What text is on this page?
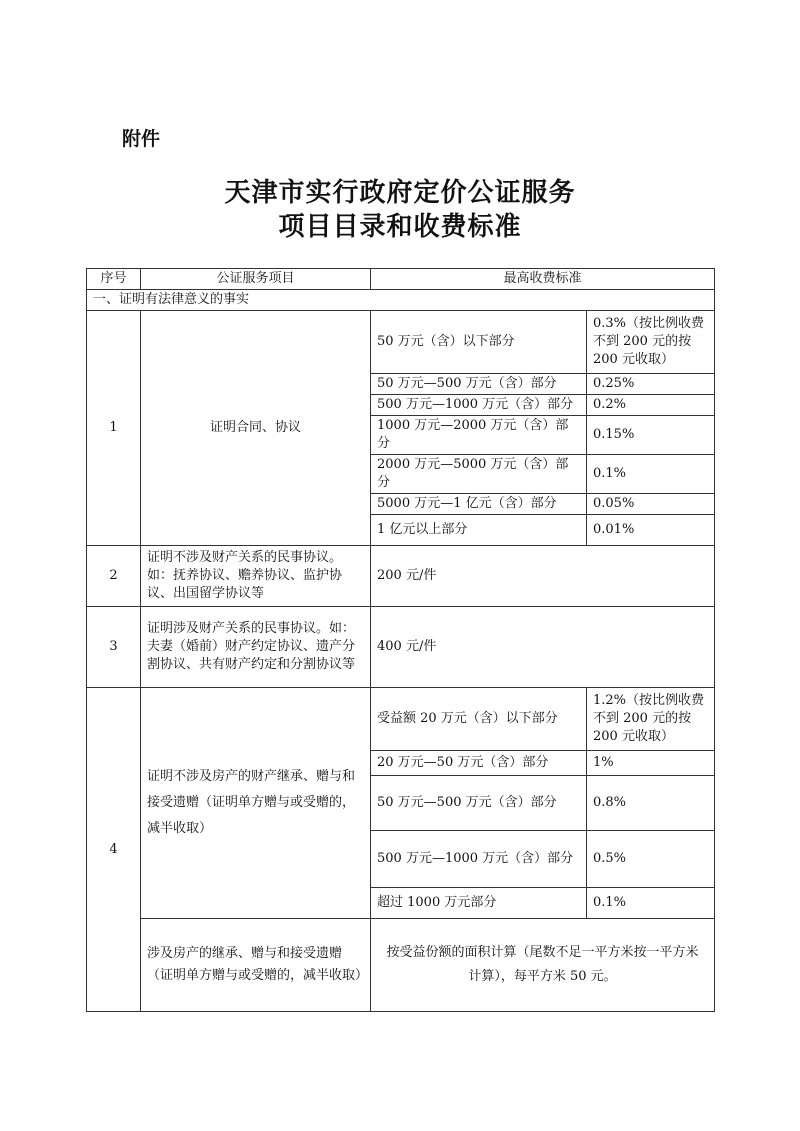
附件
天津市实行政府定价公证服务
项目目录和收费标准
序号	公证服务项目	最高收费标准	
一、证明有法律意义的事实			
1	证明合同、协议	50 万元（含）以下部分	0.3%（按比例收费不到 200 元的按 200 元收取）
		50 万元—500 万元（含）部分	0.25%
		500 万元—1000 万元（含）部分	0.2%
		1000 万元—2000 万元（含）部分	0.15%
		2000 万元—5000 万元（含）部分	0.1%
		5000 万元—1 亿元（含）部分	0.05%
		1 亿元以上部分	0.01%
2	证明不涉及财产关系的民事协议。如：抚养协议、赡养协议、监护协议、出国留学协议等	200 元/件	
3	证明涉及财产关系的民事协议。如：夫妻（婚前）财产约定协议、遗产分割协议、共有财产约定和分割协议等	400 元/件	
4	证明不涉及房产的财产继承、赠与和接受遗赠（证明单方赠与或受赠的，减半收取）	受益额 20 万元（含）以下部分	1.2%（按比例收费不到 200 元的按 200 元收取）
		20 万元—50 万元（含）部分	1%
		50 万元—500 万元（含）部分	0.8%
		500 万元—1000 万元（含）部分	0.5%
		超过 1000 万元部分	0.1%
	涉及房产的继承、赠与和接受遗赠（证明单方赠与或受赠的，减半收取）	按受益份额的面积计算（尾数不足一平方米按一平方米计算），每平方米 50 元。	
